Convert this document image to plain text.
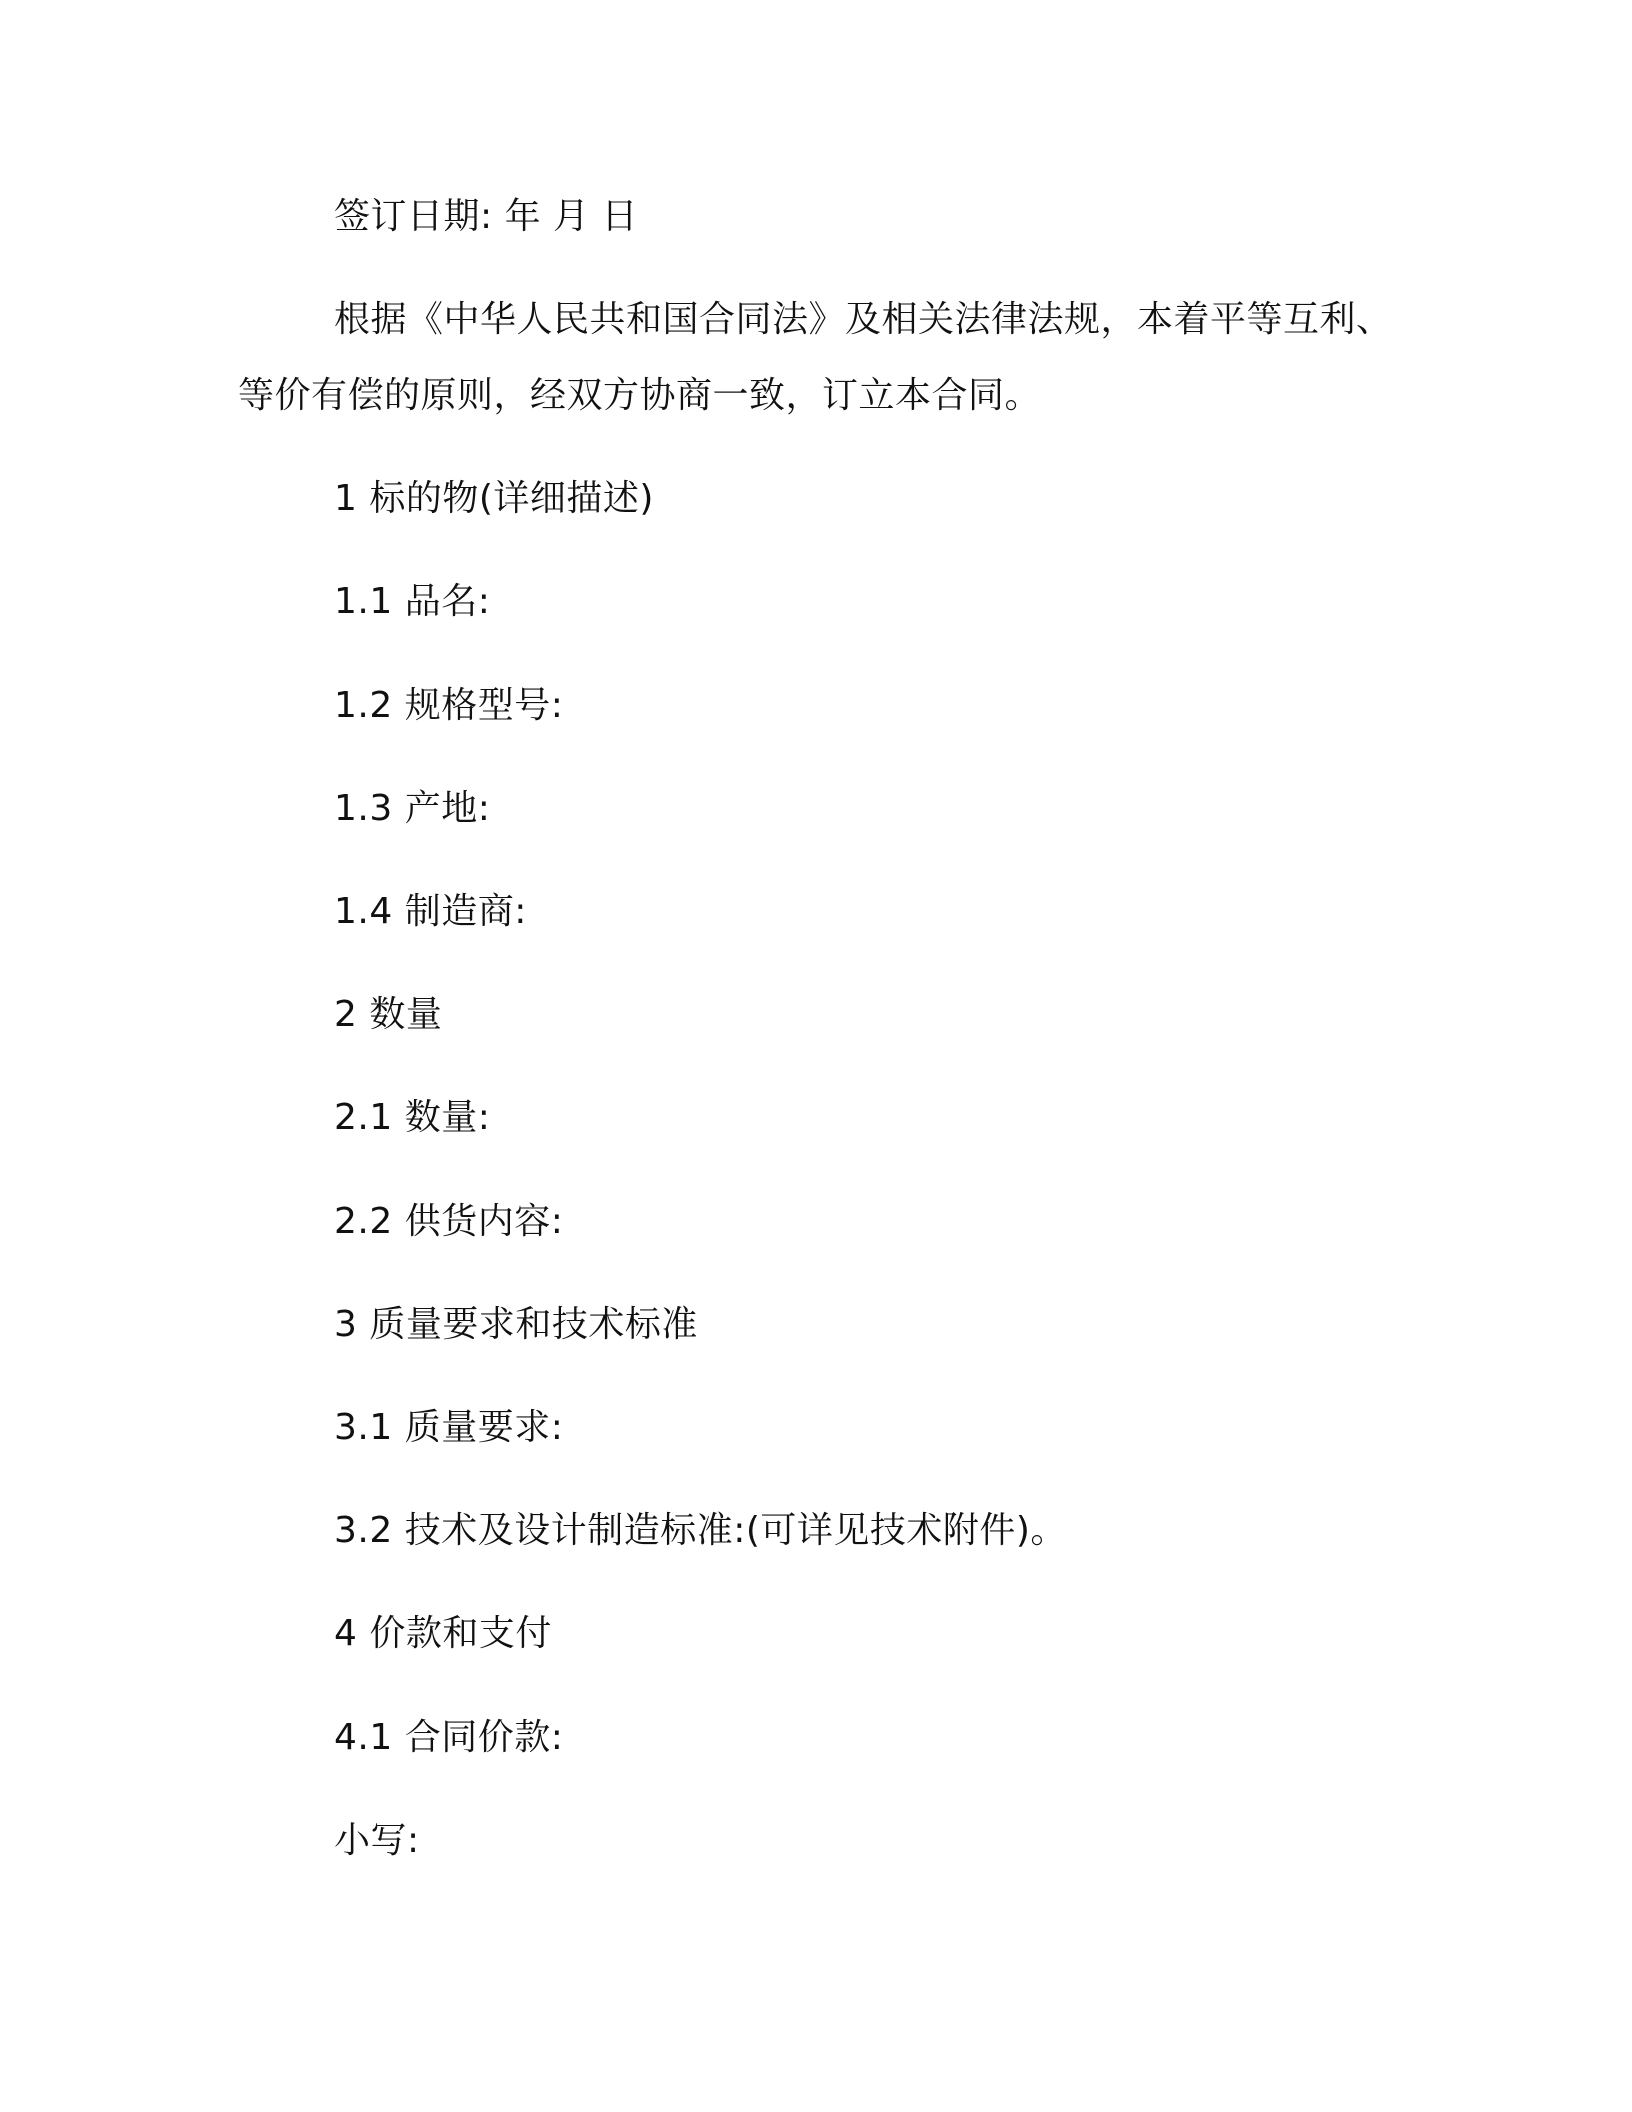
签订日期: 年 月 日
根据《中华人民共和国合同法》及相关法律法规，本着平等互利、
等价有偿的原则，经双方协商一致，订立本合同。
1 标的物(详细描述)
1.1 品名:
1.2 规格型号:
1.3 产地:
1.4 制造商:
2 数量
2.1 数量:
2.2 供货内容:
3 质量要求和技术标准
3.1 质量要求:
3.2 技术及设计制造标准:(可详见技术附件)。
4 价款和支付
4.1 合同价款:
小写:
